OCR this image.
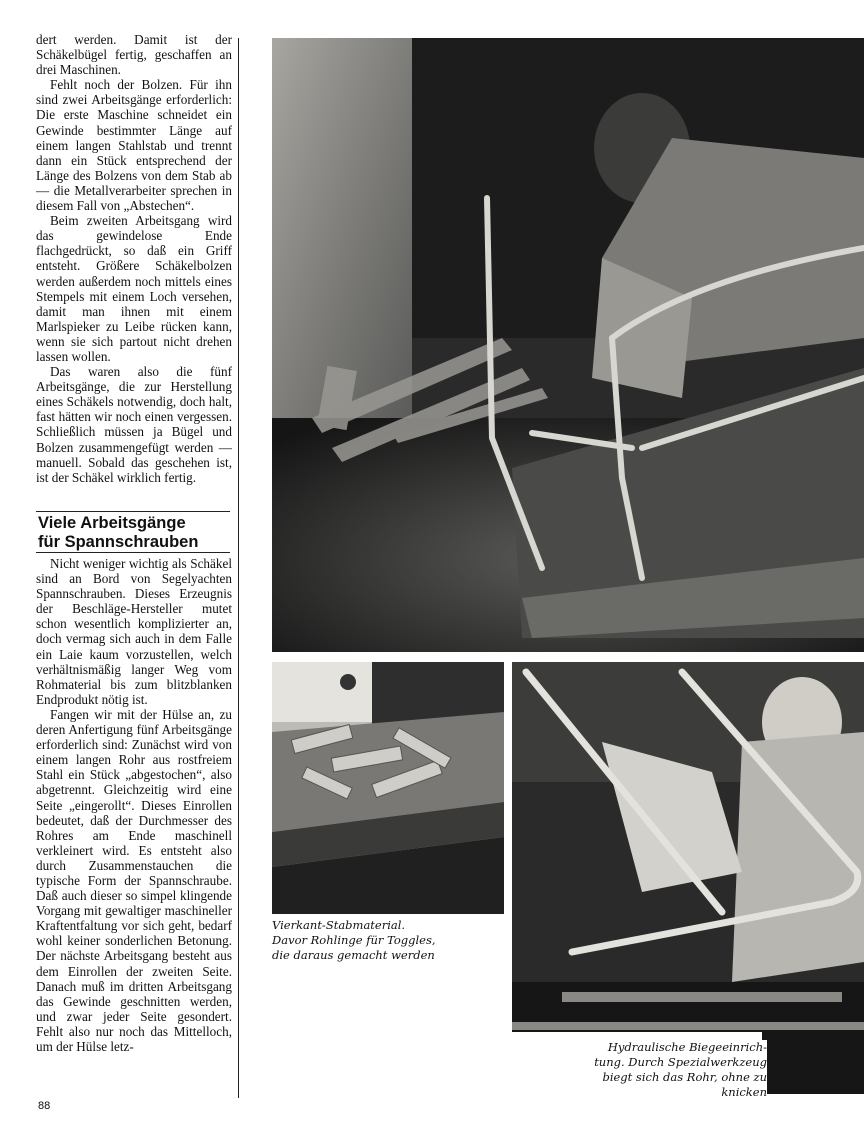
dert werden. Damit ist der Schäkelbügel fertig, geschaffen an drei Maschinen.

Fehlt noch der Bolzen. Für ihn sind zwei Arbeitsgänge erforderlich: Die erste Maschine schneidet ein Gewinde bestimmter Länge auf einem langen Stahlstab und trennt dann ein Stück entsprechend der Länge des Bolzens von dem Stab ab — die Metallverarbeiter sprechen in diesem Fall von „Abstechen“.

Beim zweiten Arbeitsgang wird das gewindelose Ende flachgedrückt, so daß ein Griff entsteht. Größere Schäkelbolzen werden außerdem noch mittels eines Stempels mit einem Loch versehen, damit man ihnen mit einem Marlspieker zu Leibe rücken kann, wenn sie sich partout nicht drehen lassen wollen.

Das waren also die fünf Arbeitsgänge, die zur Herstellung eines Schäkels notwendig, doch halt, fast hätten wir noch einen vergessen. Schließlich müssen ja Bügel und Bolzen zusammengefügt werden — manuell. Sobald das geschehen ist, ist der Schäkel wirklich fertig.

Viele Arbeitsgänge
für Spannschrauben

Nicht weniger wichtig als Schäkel sind an Bord von Segelyachten Spannschrauben. Dieses Erzeugnis der Beschläge-Hersteller mutet schon wesentlich komplizierter an, doch vermag sich auch in dem Falle ein Laie kaum vorzustellen, welch verhältnismäßig langer Weg vom Rohmaterial bis zum blitzblanken Endprodukt nötig ist.

Fangen wir mit der Hülse an, zu deren Anfertigung fünf Arbeitsgänge erforderlich sind: Zunächst wird von einem langen Rohr aus rostfreiem Stahl ein Stück „abgestochen“, also abgetrennt. Gleichzeitig wird eine Seite „eingerollt“. Dieses Einrollen bedeutet, daß der Durchmesser des Rohres am Ende maschinell verkleinert wird. Es entsteht also durch Zusammenstauchen die typische Form der Spannschraube. Daß auch dieser so simpel klingende Vorgang mit gewaltiger maschineller Kraftentfaltung vor sich geht, bedarf wohl keiner sonderlichen Betonung. Der nächste Arbeitsgang besteht aus dem Einrollen der zweiten Seite. Danach muß im dritten Arbeitsgang das Gewinde geschnitten werden, und zwar jeder Seite gesondert. Fehlt also nur noch das Mittelloch, um der Hülse letz-

Vierkant-Stabmaterial.
Davor Rohlinge für Toggles,
die daraus gemacht werden

Hydraulische Biegeeinrich-
tung. Durch Spezialwerkzeug
biegt sich das Rohr, ohne zu
knicken

88
